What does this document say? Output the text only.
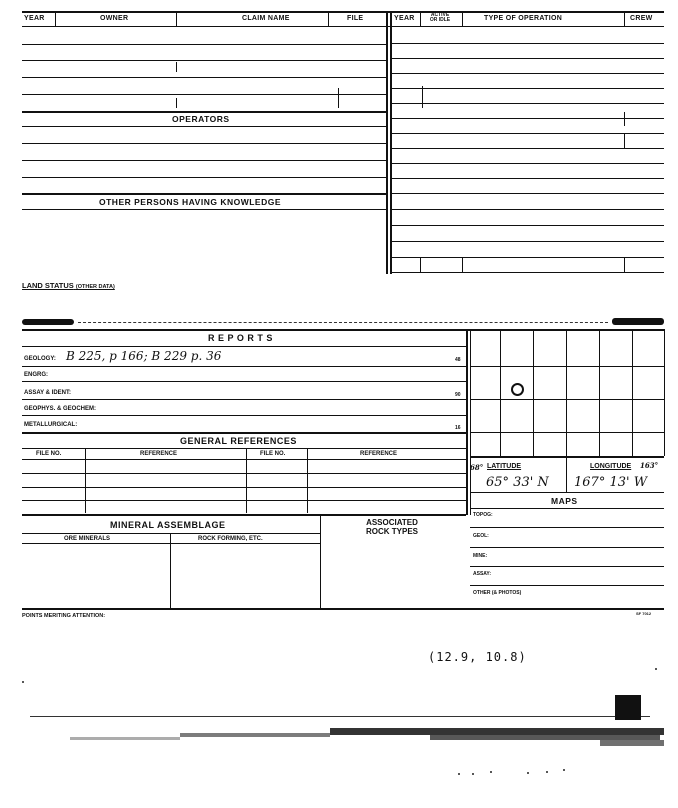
YEAR	OWNER	CLAIM NAME	FILE	YEAR	ACTIVE
OR IDLE	TYPE OF OPERATION	CREW
OPERATORS
OTHER PERSONS HAVING KNOWLEDGE
LAND STATUS (OTHER DATA)
R E P O R T S
GEOLOGY: B 225, p 166; B 229 p. 36	48
ENGRG:
ASSAY & IDENT:	90
GEOPHYS. & GEOCHEM:
METALLURGICAL:	16
GENERAL REFERENCES
FILE NO.	REFERENCE	FILE NO.	REFERENCE
MINERAL ASSEMBLAGE	ASSOCIATED
ROCK TYPES
ORE MINERALS	ROCK FORMING, ETC.
68° LATITUDE	LONGITUDE 163°
65° 33' N 167° 13' W
MAPS
TOPOG:
GEOL:
MINE:
ASSAY:
OTHER (& PHOTOS)
POINTS MERITING ATTENTION:	SF 7012
(12.9, 10.8)
